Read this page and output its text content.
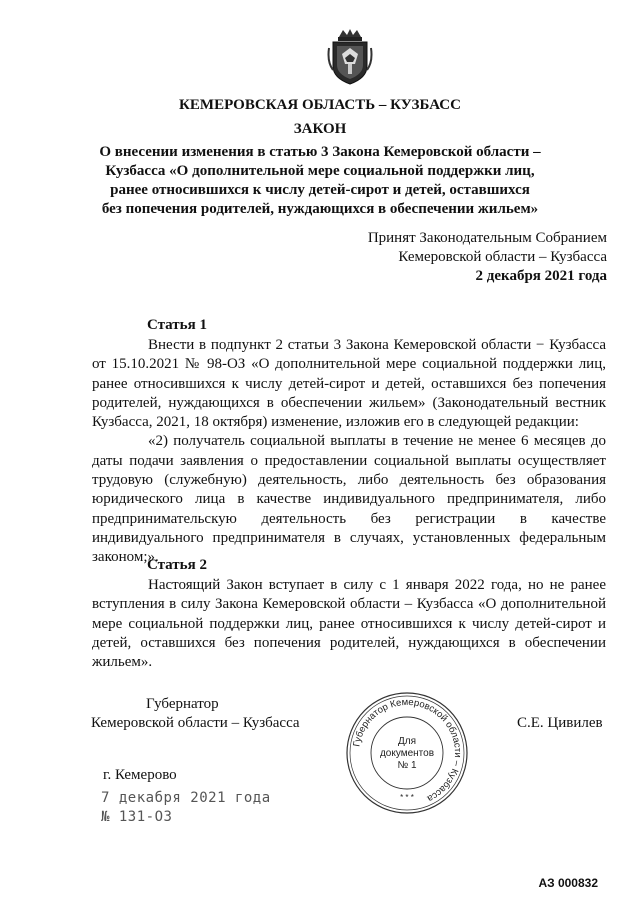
КЕМЕРОВСКАЯ ОБЛАСТЬ – КУЗБАСС
ЗАКОН
О внесении изменения в статью 3 Закона Кемеровской области –
Кузбасса «О дополнительной мере социальной поддержки лиц,
ранее относившихся к числу детей-сирот и детей, оставшихся
без попечения родителей, нуждающихся в обеспечении жильем»
Принят Законодательным Собранием
Кемеровской области – Кузбасса
2 декабря 2021 года
Статья 1

Внести в подпункт 2 статьи 3 Закона Кемеровской области − Кузбасса от 15.10.2021 № 98-ОЗ «О дополнительной мере социальной поддержки лиц, ранее относившихся к числу детей-сирот и детей, оставшихся без попечения родителей, нуждающихся в обеспечении жильем» (Законодательный вестник Кузбасса, 2021, 18 октября) изменение, изложив его в следующей редакции:

«2) получатель социальной выплаты в течение не менее 6 месяцев до даты подачи заявления о предоставлении социальной выплаты осуществляет трудовую (служебную) деятельность, либо деятельность без образования юридического лица в качестве индивидуального предпринимателя, либо предпринимательскую деятельность без регистрации в качестве индивидуального предпринимателя в случаях, установленных федеральным законом;».

Статья 2

Настоящий Закон вступает в силу с 1 января 2022 года, но не ранее вступления в силу Закона Кемеровской области – Кузбасса «О дополнительной мере социальной поддержки лиц, ранее относившихся к числу детей-сирот и детей, оставшихся без попечения родителей, нуждающихся в обеспечении жильем».

Губернатор
Кемеровской области – Кузбасса	С.Е. Цивилев
Губернатор Кемеровской области – Кузбасса
Для
документов
№ 1
* * *
г. Кемерово
7 декабря 2021 года
№ 131-ОЗ
АЗ 000832
